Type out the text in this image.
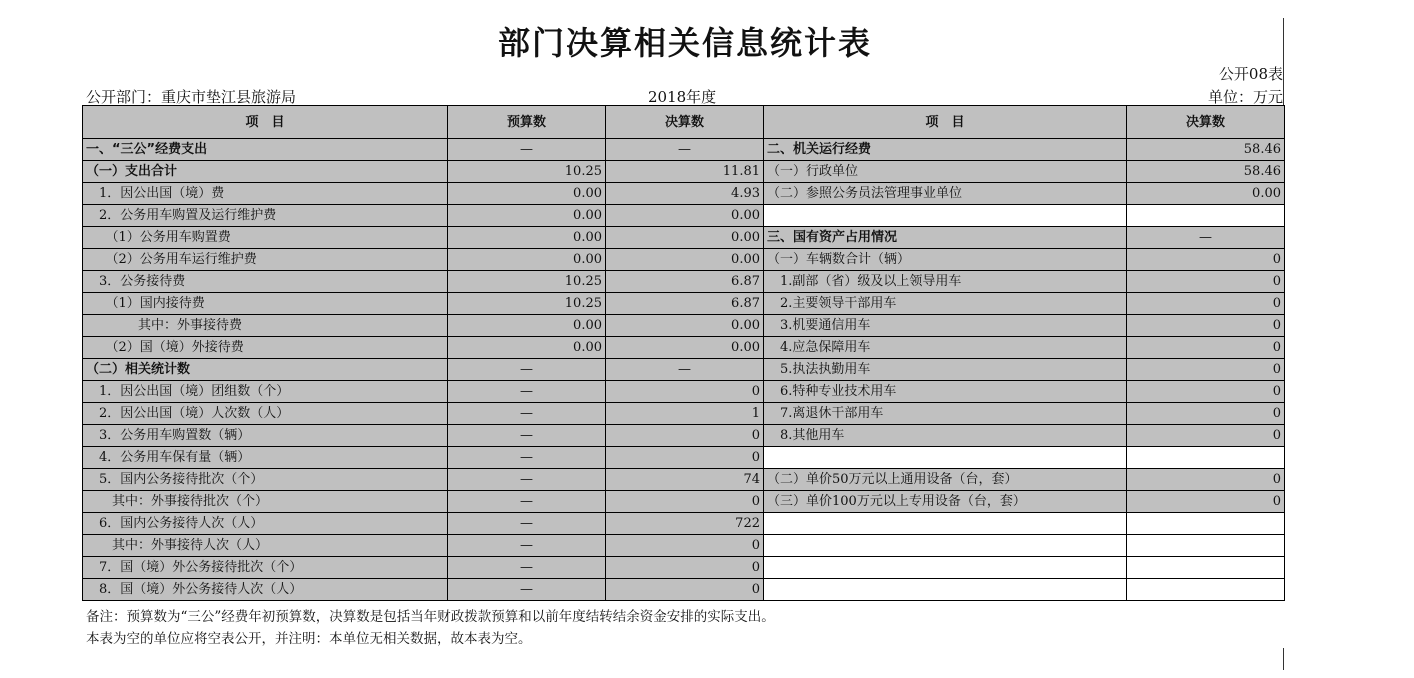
部门决算相关信息统计表
公开08表
公开部门：重庆市垫江县旅游局	2018年度	单位：万元
项　目	预算数	决算数	项　目	决算数
一、“三公”经费支出	—	—	二、机关运行经费	58.46
（一）支出合计	10.25	11.81	（一）行政单位	58.46
　1．因公出国（境）费	0.00	4.93	（二）参照公务员法管理事业单位	0.00
　2．公务用车购置及运行维护费	0.00	0.00		
　　（1）公务用车购置费	0.00	0.00	三、国有资产占用情况	—
　　（2）公务用车运行维护费	0.00	0.00	（一）车辆数合计（辆）	0
　3．公务接待费	10.25	6.87	　1.副部（省）级及以上领导用车	0
　　（1）国内接待费	10.25	6.87	　2.主要领导干部用车	0
　　　　其中：外事接待费	0.00	0.00	　3.机要通信用车	0
　　（2）国（境）外接待费	0.00	0.00	　4.应急保障用车	0
（二）相关统计数	—	—	　5.执法执勤用车	0
　1．因公出国（境）团组数（个）	—	0	　6.特种专业技术用车	0
　2．因公出国（境）人次数（人）	—	1	　7.离退休干部用车	0
　3．公务用车购置数（辆）	—	0	　8.其他用车	0
　4．公务用车保有量（辆）	—	0		
　5．国内公务接待批次（个）	—	74	（二）单价50万元以上通用设备（台，套）	0
　　其中：外事接待批次（个）	—	0	（三）单价100万元以上专用设备（台，套）	0
　6．国内公务接待人次（人）	—	722		
　　其中：外事接待人次（人）	—	0		
　7．国（境）外公务接待批次（个）	—	0		
　8．国（境）外公务接待人次（人）	—	0		
备注：预算数为“三公”经费年初预算数，决算数是包括当年财政拨款预算和以前年度结转结余资金安排的实际支出。
本表为空的单位应将空表公开，并注明：本单位无相关数据，故本表为空。
